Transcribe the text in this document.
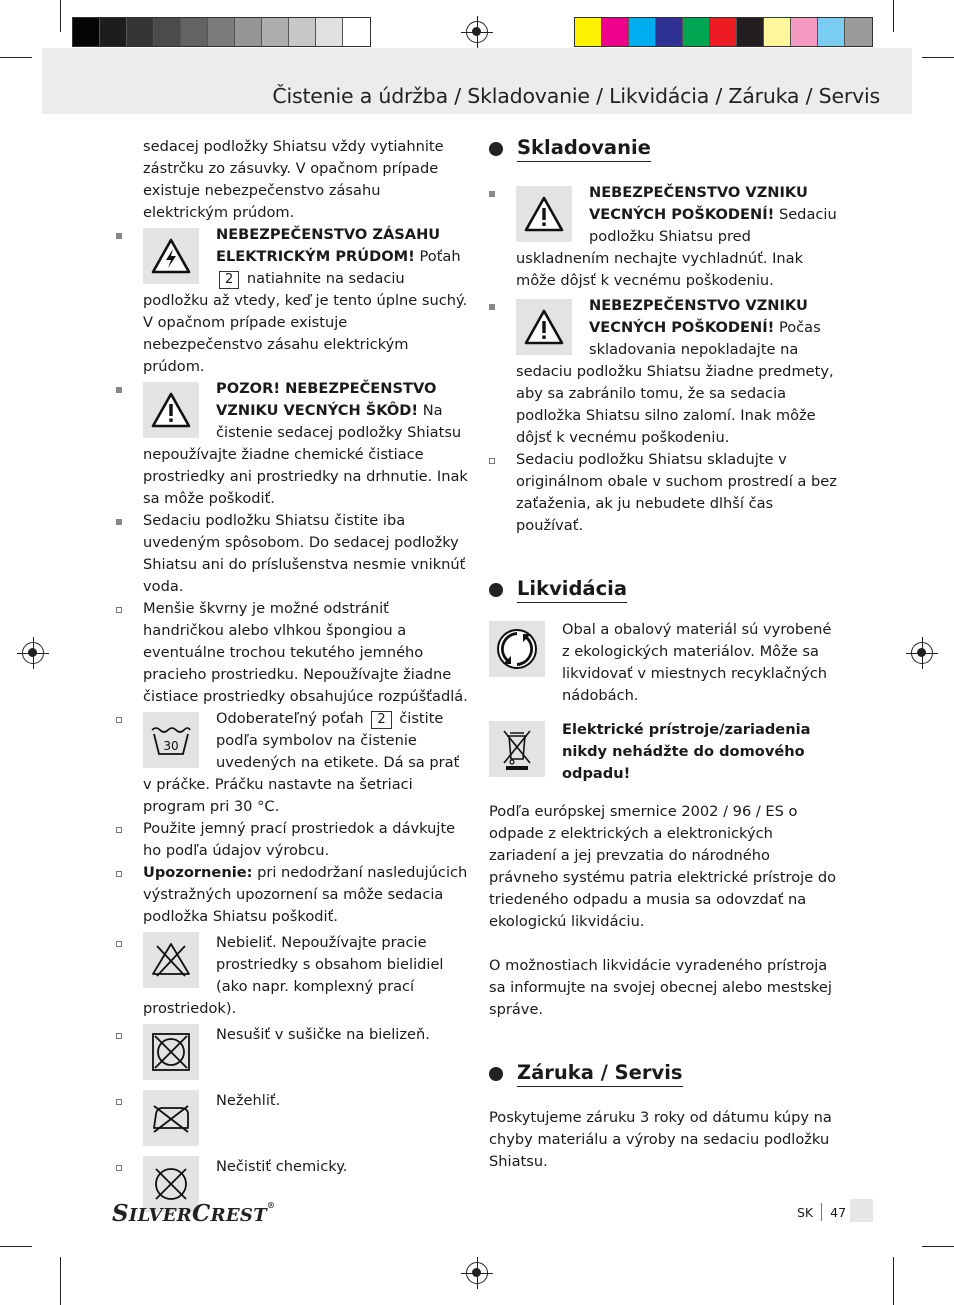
Čistenie a údržba / Skladovanie / Likvidácia / Záruka / Servis

sedacej podložky Shiatsu vždy vytiahnite zástrčku zo zásuvky. V opačnom prípade existuje nebezpečenstvo zásahu elektrickým prúdom.

NEBEZPEČENSTVO ZÁSAHU ELEKTRICKÝM PRÚDOM! Poťah 2 natiahnite na sedaciu podložku až vtedy, keď je tento úplne suchý. V opačnom prípade existuje nebezpečenstvo zásahu elektrickým prúdom.
POZOR! NEBEZPEČENSTVO VZNIKU VECNÝCH ŠKÔD! Na čistenie sedacej podložky Shiatsu nepoužívajte žiadne chemické čistiace prostriedky ani prostriedky na drhnutie. Inak sa môže poškodiť.
Sedaciu podložku Shiatsu čistite iba uvedeným spôsobom. Do sedacej podložky Shiatsu ani do príslušenstva nesmie vniknúť voda.
Menšie škvrny je možné odstrániť handričkou alebo vlhkou špongiou a eventuálne trochou tekutého jemného pracieho prostriedku. Nepoužívajte žiadne čistiace prostriedky obsahujúce rozpúšťadlá.
30
Odoberateľný poťah 2 čistite podľa symbolov na čistenie uvedených na etikete. Dá sa prať v práčke. Práčku nastavte na šetriaci program pri 30 °C.
Použite jemný prací prostriedok a dávkujte ho podľa údajov výrobcu.
Upozornenie: pri nedodržaní nasledujúcich výstražných upozornení sa môže sedacia podložka Shiatsu poškodiť.
Nebieliť. Nepoužívajte pracie prostriedky s obsahom bielidiel (ako napr. komplexný prací prostriedok).
Nesušiť v sušičke na bielizeň.
Nežehliť.
Nečistiť chemicky.
Skladovanie
NEBEZPEČENSTVO VZNIKU VECNÝCH POŠKODENÍ! Sedaciu podložku Shiatsu pred uskladnením nechajte vychladnúť. Inak môže dôjsť k vecnému poškodeniu.
NEBEZPEČENSTVO VZNIKU VECNÝCH POŠKODENÍ! Počas skladovania nepokladajte na sedaciu podložku Shiatsu žiadne predmety, aby sa zabránilo tomu, že sa sedacia podložka Shiatsu silno zalomí. Inak môže dôjsť k vecnému poškodeniu.
Sedaciu podložku Shiatsu skladujte v originálnom obale v suchom prostredí a bez zaťaženia, ak ju nebudete dlhší čas používať.
Likvidácia

Obal a obalový materiál sú vyrobené z ekologických materiálov. Môže sa likvidovať v miestnych recyklačných nádobách.

Elektrické prístroje/zariadenia nikdy nehádžte do domového odpadu!

Podľa európskej smernice 2002 / 96 / ES o odpade z elektrických a elektronických zariadení a jej prevzatia do národného právneho systému patria elektrické prístroje do triedeného odpadu a musia sa odovzdať na ekologickú likvidáciu.

O možnostiach likvidácie vyradeného prístroja sa informujte na svojej obecnej alebo mestskej správe.

Záruka / Servis

Poskytujeme záruku 3 roky od dátumu kúpy na chyby materiálu a výroby na sedaciu podložku Shiatsu.

SILVERCREST®	SK 47
